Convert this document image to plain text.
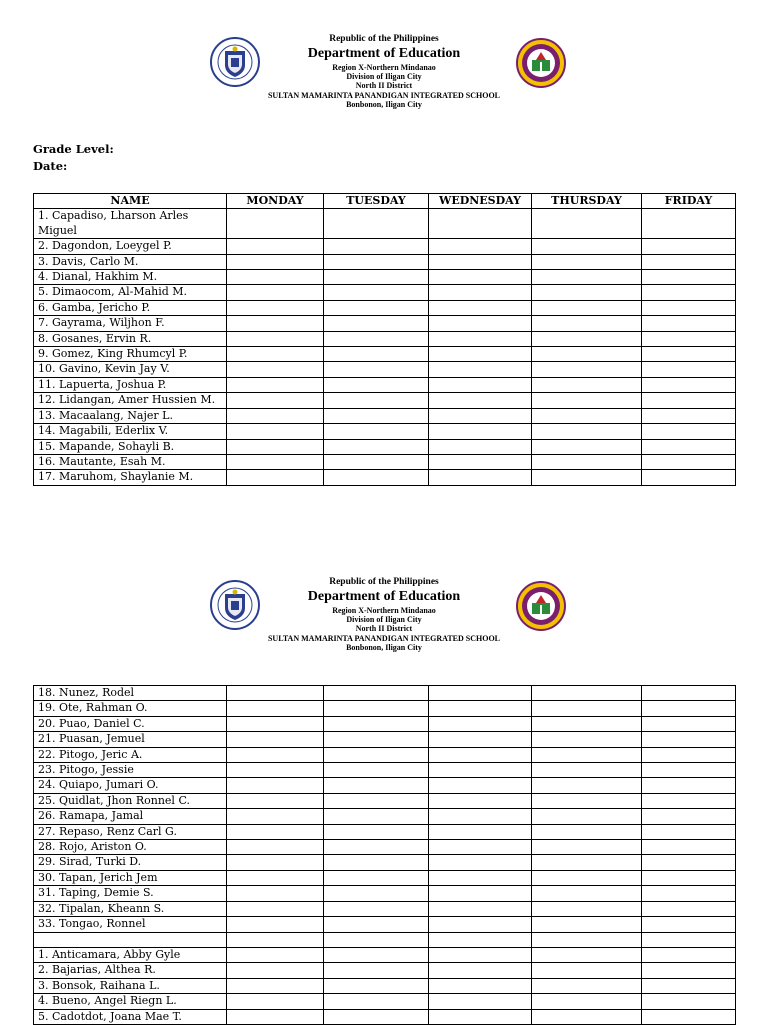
Republic of the Philippines
Department of Education
Region X-Northern Mindanao
Division of Iligan City
North II District
SULTAN MAMARINTA PANANDIGAN INTEGRATED SCHOOL
Bonbonon, Iligan City
Grade Level:
Date:
NAME	MONDAY	TUESDAY	WEDNESDAY	THURSDAY	FRIDAY
1. Capadiso, Lharson Arles Miguel					
2. Dagondon, Loeygel P.					
3. Davis, Carlo M.					
4. Dianal, Hakhim M.					
5. Dimaocom, Al-Mahid M.					
6. Gamba, Jericho P.					
7. Gayrama, Wiljhon F.					
8. Gosanes, Ervin R.					
9. Gomez, King Rhumcyl P.					
10. Gavino, Kevin Jay V.					
11. Lapuerta, Joshua P.					
12. Lidangan, Amer Hussien M.					
13. Macaalang, Najer L.					
14. Magabili, Ederlix V.					
15. Mapande, Sohayli B.					
16. Mautante, Esah M.					
17. Maruhom, Shaylanie M.					
Republic of the Philippines
Department of Education
Region X-Northern Mindanao
Division of Iligan City
North II District
SULTAN MAMARINTA PANANDIGAN INTEGRATED SCHOOL
Bonbonon, Iligan City
18. Nunez, Rodel					
19. Ote, Rahman O.					
20. Puao, Daniel C.					
21. Puasan, Jemuel					
22. Pitogo, Jeric A.					
23. Pitogo, Jessie					
24. Quiapo, Jumari O.					
25. Quidlat, Jhon Ronnel C.					
26. Ramapa, Jamal					
27. Repaso, Renz Carl G.					
28. Rojo, Ariston O.					
29. Sirad, Turki D.					
30. Tapan, Jerich Jem					
31. Taping, Demie S.					
32. Tipalan, Kheann S.					
33. Tongao, Ronnel					

1. Anticamara, Abby Gyle					
2. Bajarias, Althea R.					
3. Bonsok, Raihana L.					
4. Bueno, Angel Riegn L.					
5. Cadotdot, Joana Mae T.					
